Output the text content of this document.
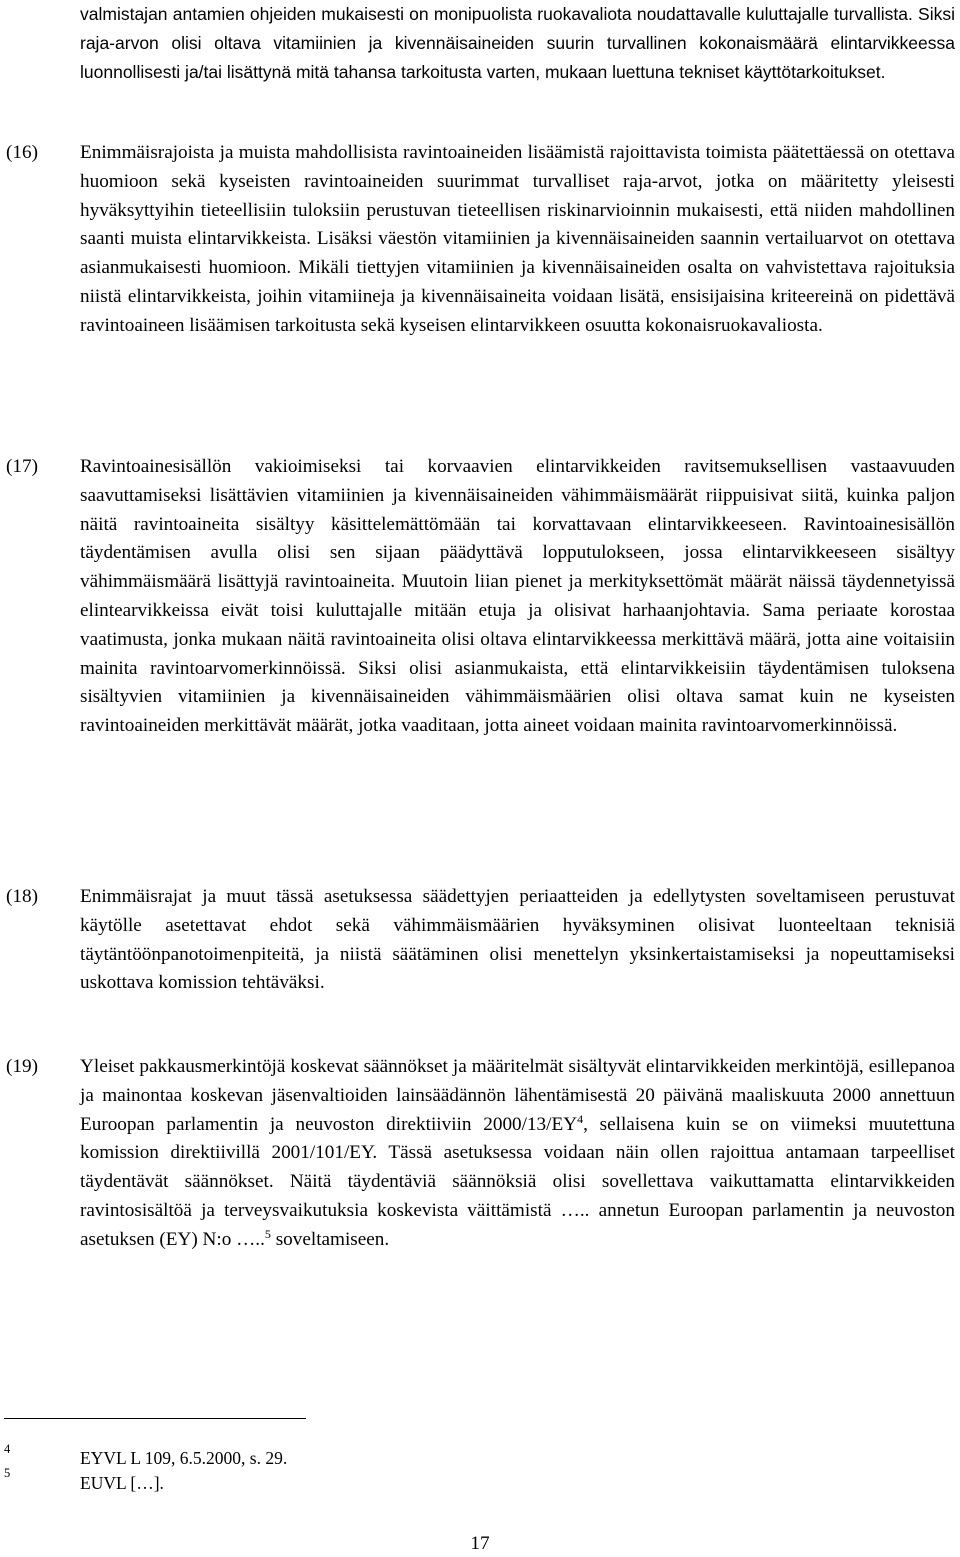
valmistajan antamien ohjeiden mukaisesti on monipuolista ruokavaliota noudattavalle kuluttajalle turvallista. Siksi raja-arvon olisi oltava vitamiinien ja kivennäisaineiden suurin turvallinen kokonaismäärä elintarvikkeessa luonnollisesti ja/tai lisättynä mitä tahansa tarkoitusta varten, mukaan luettuna tekniset käyttötarkoitukset.
(16) Enimmäisrajoista ja muista mahdollisista ravintoaineiden lisäämistä rajoittavista toimista päätettäessä on otettava huomioon sekä kyseisten ravintoaineiden suurimmat turvalliset raja-arvot, jotka on määritetty yleisesti hyväksyttyihin tieteellisiin tuloksiin perustuvan tieteellisen riskinarvioinnin mukaisesti, että niiden mahdollinen saanti muista elintarvikkeista. Lisäksi väestön vitamiinien ja kivennäisaineiden saannin vertailuarvot on otettava asianmukaisesti huomioon. Mikäli tiettyjen vitamiinien ja kivennäisaineiden osalta on vahvistettava rajoituksia niistä elintarvikkeista, joihin vitamiineja ja kivennäisaineita voidaan lisätä, ensisijaisina kriteereinä on pidettävä ravintoaineen lisäämisen tarkoitusta sekä kyseisen elintarvikkeen osuutta kokonaisruokavaliosta.
(17) Ravintoainesisällön vakioimiseksi tai korvaavien elintarvikkeiden ravitsemuksellisen vastaavuuden saavuttamiseksi lisättävien vitamiinien ja kivennäisaineiden vähimmäismäärät riippuisivat siitä, kuinka paljon näitä ravintoaineita sisältyy käsittelemättömään tai korvattavaan elintarvikkeeseen. Ravintoainesisällön täydentämisen avulla olisi sen sijaan päädyttävä lopputulokseen, jossa elintarvikkeeseen sisältyy vähimmäismäärä lisättyjä ravintoaineita. Muutoin liian pienet ja merkityksettömät määrät näissä täydennetyissä elintearvikkeissa eivät toisi kuluttajalle mitään etuja ja olisivat harhaanjohtavia. Sama periaate korostaa vaatimusta, jonka mukaan näitä ravintoaineita olisi oltava elintarvikkeessa merkittävä määrä, jotta aine voitaisiin mainita ravintoarvomerkinnöissä. Siksi olisi asianmukaista, että elintarvikkeisiin täydentämisen tuloksena sisältyvien vitamiinien ja kivennäisaineiden vähimmäismäärien olisi oltava samat kuin ne kyseisten ravintoaineiden merkittävät määrät, jotka vaaditaan, jotta aineet voidaan mainita ravintoarvomerkinnöissä.
(18) Enimmäisrajat ja muut tässä asetuksessa säädettyjen periaatteiden ja edellytysten soveltamiseen perustuvat käytölle asetettavat ehdot sekä vähimmäismäärien hyväksyminen olisivat luonteeltaan teknisiä täytäntöönpanotoimenpiteitä, ja niistä säätäminen olisi menettelyn yksinkertaistamiseksi ja nopeuttamiseksi uskottava komission tehtäväksi.
(19) Yleiset pakkausmerkintöjä koskevat säännökset ja määritelmät sisältyvät elintarvikkeiden merkintöjä, esillepanoa ja mainontaa koskevan jäsenvaltioiden lainsäädännön lähentämisestä 20 päivänä maaliskuuta 2000 annettuun Euroopan parlamentin ja neuvoston direktiiviin $2000/13/EY^4$, sellaisena kuin se on viimeksi muutettuna komission direktiivillä 2001/101/EY. Tässä asetuksessa voidaan näin ollen rajoittua antamaan tarpeelliset täydentävät säännökset. Näitä täydentäviä säännöksiä olisi sovellettava vaikuttamatta elintarvikkeiden ravintosisältöä ja terveysvaikutuksia koskevista väittämistä ….. annetun Euroopan parlamentin ja neuvoston asetuksen (EY) N:o …..$^5$ soveltamiseen.
4	EYVL L 109, 6.5.2000, s. 29.
5	EUVL […].
17
